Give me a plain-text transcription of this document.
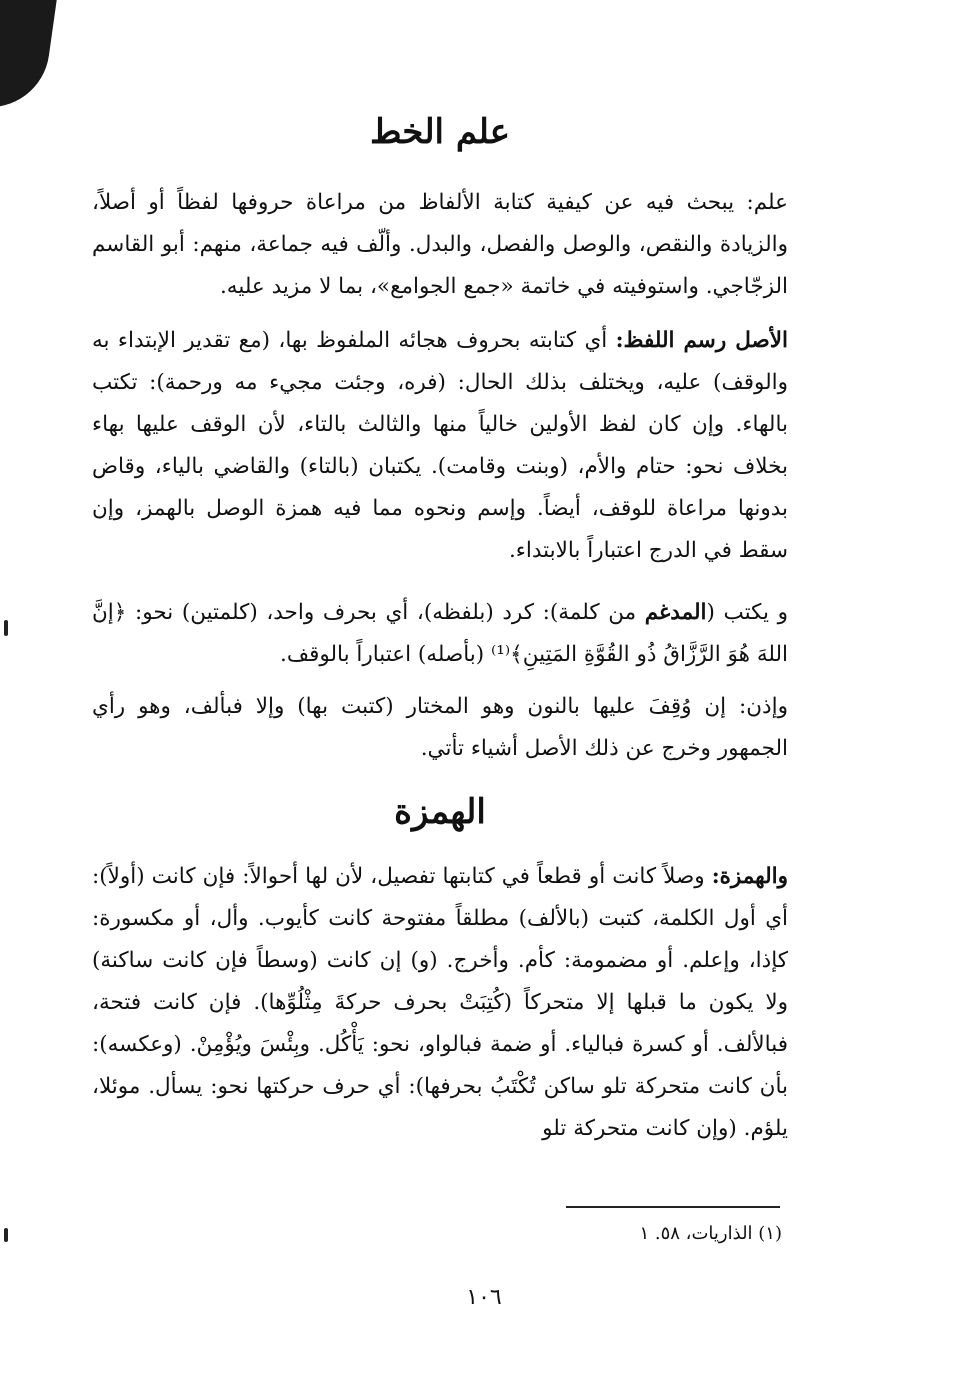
علم الخط

علم: يبحث فيه عن كيفية كتابة الألفاظ من مراعاة حروفها لفظاً أو أصلاً، والزيادة والنقص، والوصل والفصل، والبدل. وألّف فيه جماعة، منهم: أبو القاسم الزجّاجي. واستوفيته في خاتمة «جمع الجوامع»، بما لا مزيد عليه.

الأصل رسم اللفظ: أي كتابته بحروف هجائه الملفوظ بها، (مع تقدير الإبتداء به والوقف) عليه، ويختلف بذلك الحال: (فره، وجئت مجيء مه ورحمة): تكتب بالهاء. وإن كان لفظ الأولين خالياً منها والثالث بالتاء، لأن الوقف عليها بهاء بخلاف نحو: حتام والأم، (وبنت وقامت). يكتبان (بالتاء) والقاضي بالياء، وقاض بدونها مراعاة للوقف، أيضاً. وإسم ونحوه مما فيه همزة الوصل بالهمز، وإن سقط في الدرج اعتباراً بالابتداء.

و يكتب (المدغم من كلمة): كرد (بلفظه)، أي بحرف واحد، (كلمتين) نحو: ﴿إنَّ اللهَ هُوَ الرَّزَّاقُ ذُو القُوَّةِ المَتِينِ﴾⁽¹⁾ (بأصله) اعتباراً بالوقف.

وإذن: إن وُقِفَ عليها بالنون وهو المختار (كتبت بها) وإلا فبألف، وهو رأي الجمهور وخرج عن ذلك الأصل أشياء تأتي.

الهمزة

والهمزة: وصلاً كانت أو قطعاً في كتابتها تفصيل، لأن لها أحوالاً: فإن كانت (أولاً): أي أول الكلمة، كتبت (بالألف) مطلقاً مفتوحة كانت كأيوب. وأل، أو مكسورة: كإذا، وإعلم. أو مضمومة: كأم. وأخرج. (و) إن كانت (وسطاً فإن كانت ساكنة) ولا يكون ما قبلها إلا متحركاً (كُتِبَتْ بحرف حركةَ مِثْلُوِّها). فإن كانت فتحة، فبالألف. أو كسرة فبالياء. أو ضمة فبالواو، نحو: يَأْكُل. وبِئْسَ ويُؤْمِنْ. (وعكسه): بأن كانت متحركة تلو ساكن تُكْتَبُ بحرفها): أي حرف حركتها نحو: يسأل. موئلا، يلؤم. (وإن كانت متحركة تلو

(١) الذاريات، ٥٨. ١
١٠٦
